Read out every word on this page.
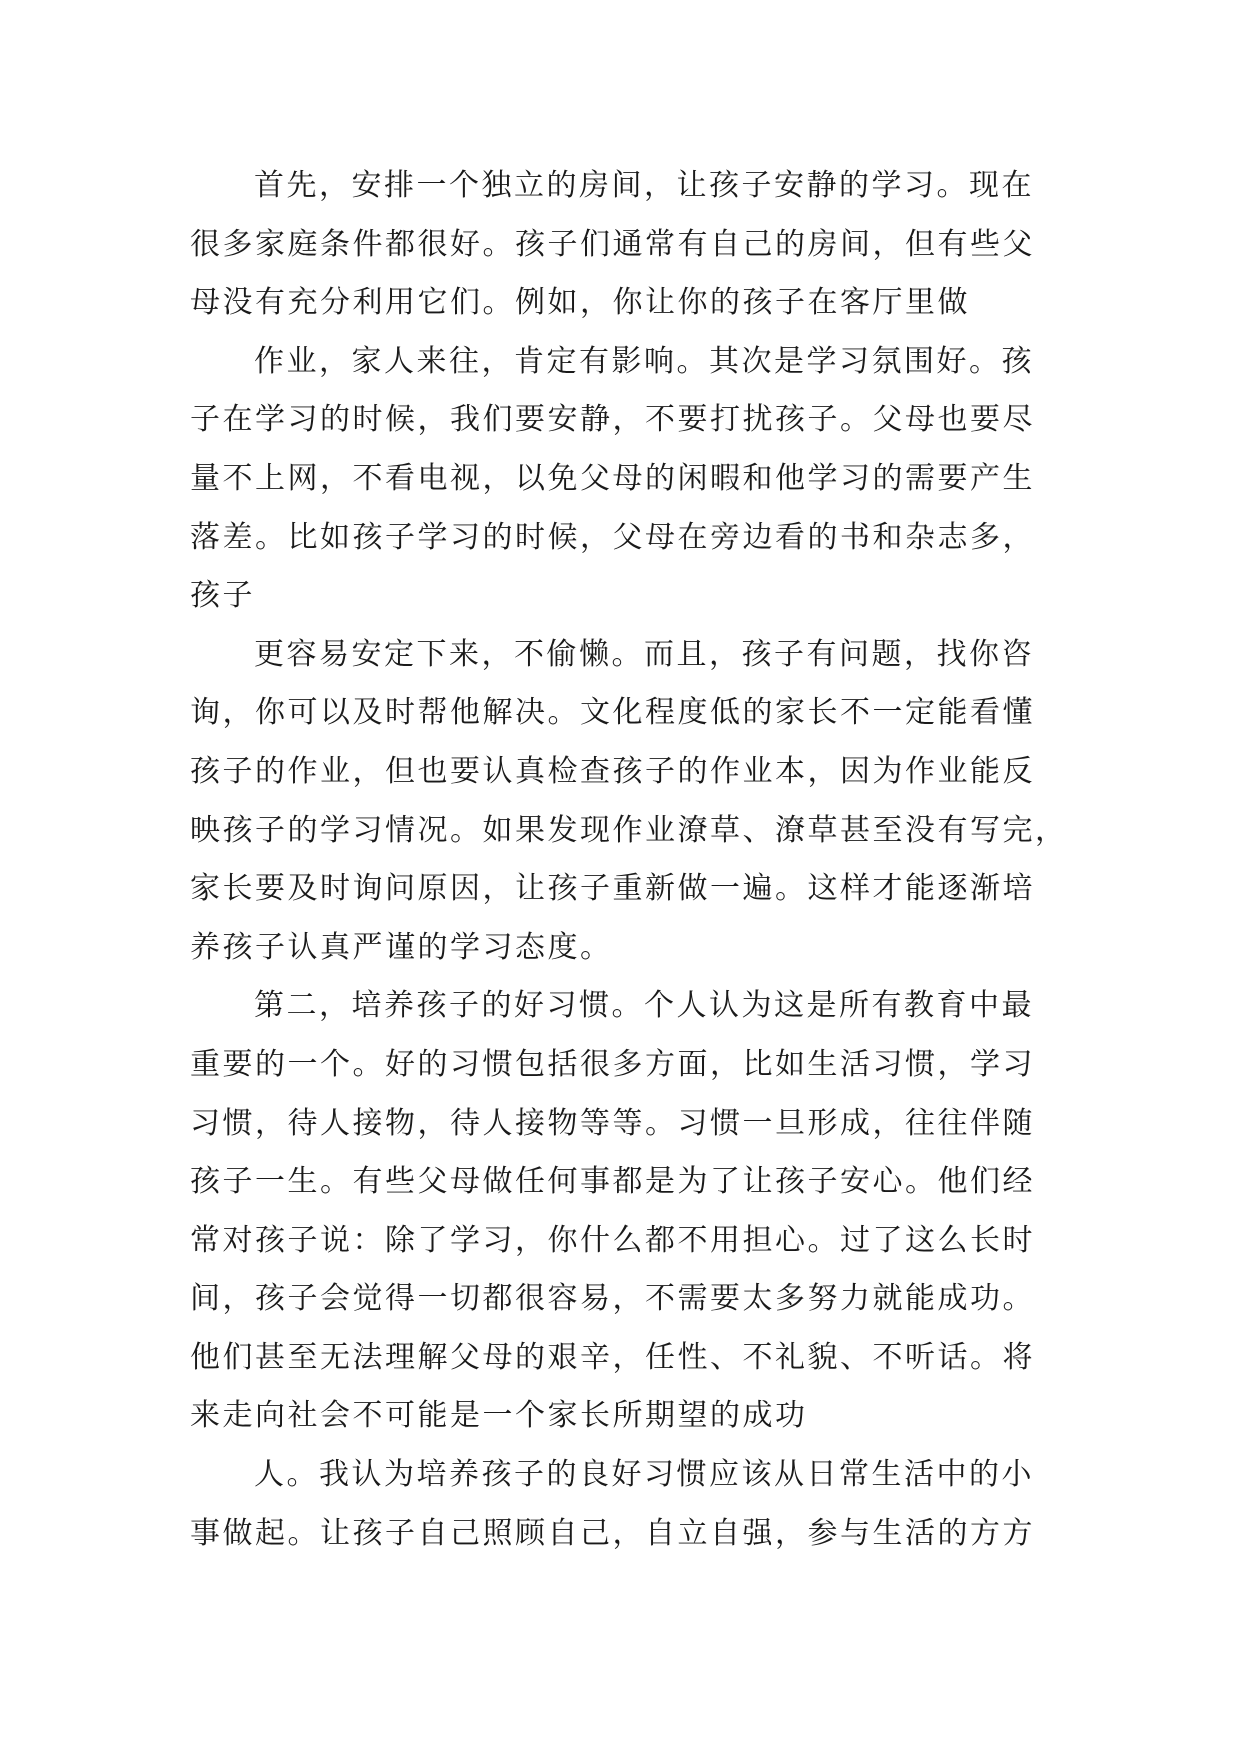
首先，安排一个独立的房间，让孩子安静的学习。现在
很多家庭条件都很好。孩子们通常有自己的房间，但有些父
母没有充分利用它们。例如，你让你的孩子在客厅里做
作业，家人来往，肯定有影响。其次是学习氛围好。孩
子在学习的时候，我们要安静，不要打扰孩子。父母也要尽
量不上网，不看电视，以免父母的闲暇和他学习的需要产生
落差。比如孩子学习的时候，父母在旁边看的书和杂志多，
孩子
更容易安定下来，不偷懒。而且，孩子有问题，找你咨
询，你可以及时帮他解决。文化程度低的家长不一定能看懂
孩子的作业，但也要认真检查孩子的作业本，因为作业能反
映孩子的学习情况。如果发现作业潦草、潦草甚至没有写完，
家长要及时询问原因，让孩子重新做一遍。这样才能逐渐培
养孩子认真严谨的学习态度。
第二，培养孩子的好习惯。个人认为这是所有教育中最
重要的一个。好的习惯包括很多方面，比如生活习惯，学习
习惯，待人接物，待人接物等等。习惯一旦形成，往往伴随
孩子一生。有些父母做任何事都是为了让孩子安心。他们经
常对孩子说：除了学习，你什么都不用担心。过了这么长时
间，孩子会觉得一切都很容易，不需要太多努力就能成功。
他们甚至无法理解父母的艰辛，任性、不礼貌、不听话。将
来走向社会不可能是一个家长所期望的成功
人。我认为培养孩子的良好习惯应该从日常生活中的小
事做起。让孩子自己照顾自己，自立自强，参与生活的方方
